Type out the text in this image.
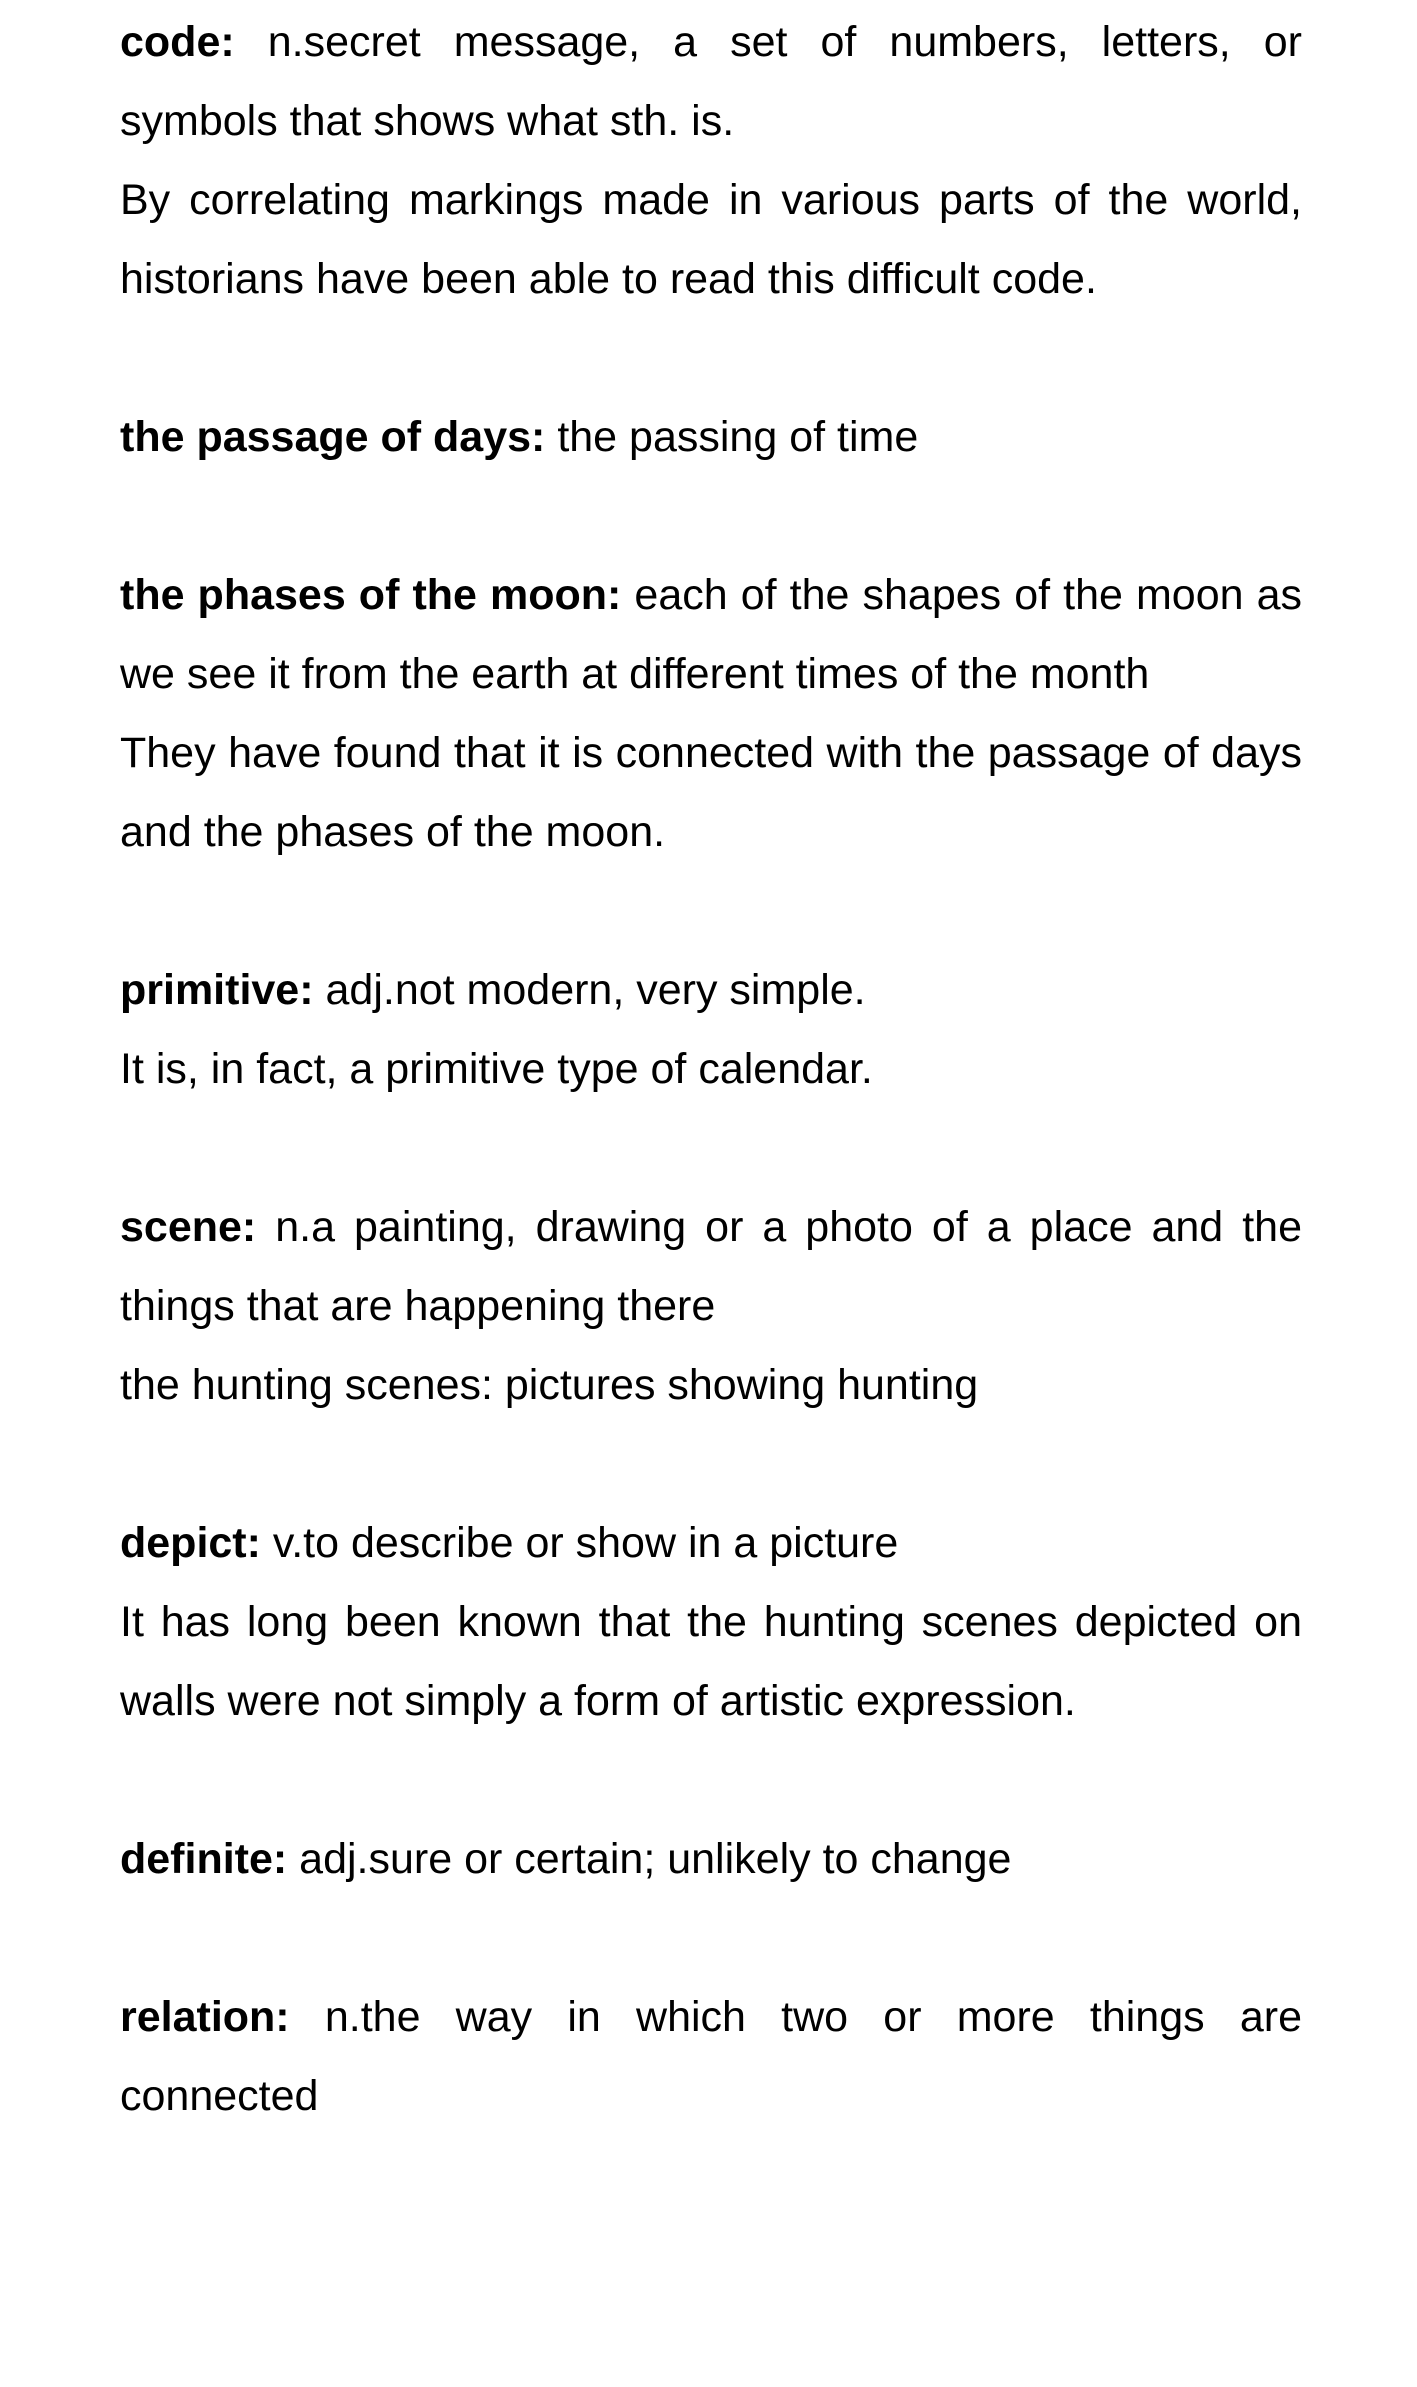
code: n.secret message, a set of numbers, letters, or symbols that shows what sth. is.

By correlating markings made in various parts of the world, historians have been able to read this difficult code.

the passage of days: the passing of time

the phases of the moon: each of the shapes of the moon as we see it from the earth at different times of the month

They have found that it is connected with the passage of days and the phases of the moon.

primitive: adj.not modern, very simple.

It is, in fact, a primitive type of calendar.

scene: n.a painting, drawing or a photo of a place and the things that are happening there

the hunting scenes: pictures showing hunting

depict: v.to describe or show in a picture

It has long been known that the hunting scenes depicted on walls were not simply a form of artistic expression.

definite: adj.sure or certain; unlikely to change

relation: n.the way in which two or more things are connected
